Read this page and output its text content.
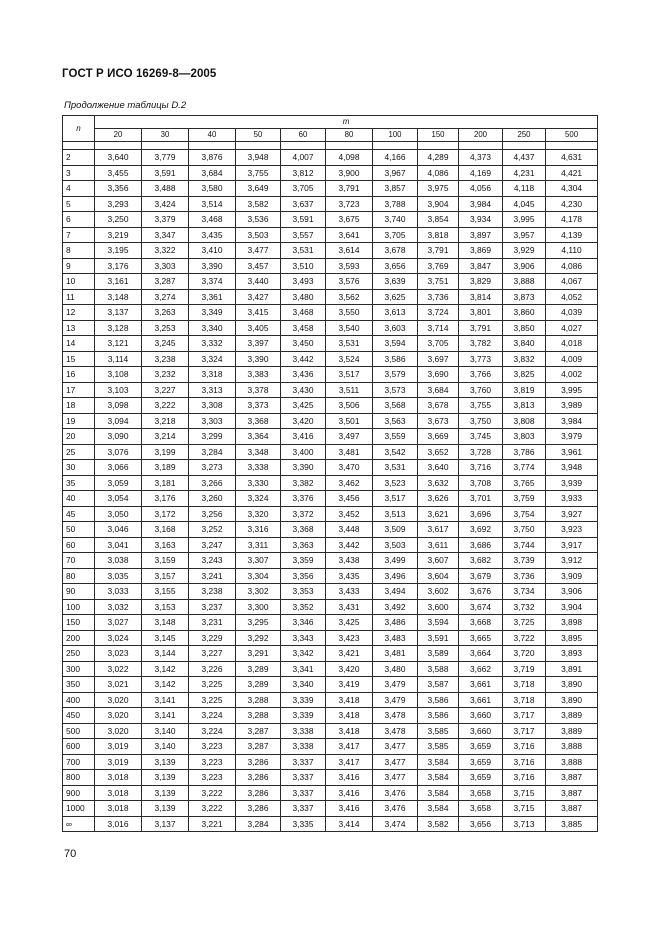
ГОСТ Р ИСО 16269-8—2005
Продолжение таблицы D.2
n	m										
	20	30	40	50	60	80	100	150	200	250	500

2	3,640	3,779	3,876	3,948	4,007	4,098	4,166	4,289	4,373	4,437	4,631
3	3,455	3,591	3,684	3,755	3,812	3,900	3,967	4,086	4,169	4,231	4,421
4	3,356	3,488	3,580	3,649	3,705	3,791	3,857	3,975	4,056	4,118	4,304
5	3,293	3,424	3,514	3,582	3,637	3,723	3,788	3,904	3,984	4,045	4,230
6	3,250	3,379	3,468	3,536	3,591	3,675	3,740	3,854	3,934	3,995	4,178
7	3,219	3,347	3,435	3,503	3,557	3,641	3,705	3,818	3,897	3,957	4,139
8	3,195	3,322	3,410	3,477	3,531	3,614	3,678	3,791	3,869	3,929	4,110
9	3,176	3,303	3,390	3,457	3,510	3,593	3,656	3,769	3,847	3,906	4,086
10	3,161	3,287	3,374	3,440	3,493	3,576	3,639	3,751	3,829	3,888	4,067
11	3,148	3,274	3,361	3,427	3,480	3,562	3,625	3,736	3,814	3,873	4,052
12	3,137	3,263	3,349	3,415	3,468	3,550	3,613	3,724	3,801	3,860	4,039
13	3,128	3,253	3,340	3,405	3,458	3,540	3,603	3,714	3,791	3,850	4,027
14	3,121	3,245	3,332	3,397	3,450	3,531	3,594	3,705	3,782	3,840	4,018
15	3,114	3,238	3,324	3,390	3,442	3,524	3,586	3,697	3,773	3,832	4,009
16	3,108	3,232	3,318	3,383	3,436	3,517	3,579	3,690	3,766	3,825	4,002
17	3,103	3,227	3,313	3,378	3,430	3,511	3,573	3,684	3,760	3,819	3,995
18	3,098	3,222	3,308	3,373	3,425	3,506	3,568	3,678	3,755	3,813	3,989
19	3,094	3,218	3,303	3,368	3,420	3,501	3,563	3,673	3,750	3,808	3,984
20	3,090	3,214	3,299	3,364	3,416	3,497	3,559	3,669	3,745	3,803	3,979
25	3,076	3,199	3,284	3,348	3,400	3,481	3,542	3,652	3,728	3,786	3,961
30	3,066	3,189	3,273	3,338	3,390	3,470	3,531	3,640	3,716	3,774	3,948
35	3,059	3,181	3,266	3,330	3,382	3,462	3,523	3,632	3,708	3,765	3,939
40	3,054	3,176	3,260	3,324	3,376	3,456	3,517	3,626	3,701	3,759	3,933
45	3,050	3,172	3,256	3,320	3,372	3,452	3,513	3,621	3,696	3,754	3,927
50	3,046	3,168	3,252	3,316	3,368	3,448	3,509	3,617	3,692	3,750	3,923
60	3,041	3,163	3,247	3,311	3,363	3,442	3,503	3,611	3,686	3,744	3,917
70	3,038	3,159	3,243	3,307	3,359	3,438	3,499	3,607	3,682	3,739	3,912
80	3,035	3,157	3,241	3,304	3,356	3,435	3,496	3,604	3,679	3,736	3,909
90	3,033	3,155	3,238	3,302	3,353	3,433	3,494	3,602	3,676	3,734	3,906
100	3,032	3,153	3,237	3,300	3,352	3,431	3,492	3,600	3,674	3,732	3,904
150	3,027	3,148	3,231	3,295	3,346	3,425	3,486	3,594	3,668	3,725	3,898
200	3,024	3,145	3,229	3,292	3,343	3,423	3,483	3,591	3,665	3,722	3,895
250	3,023	3,144	3,227	3,291	3,342	3,421	3,481	3,589	3,664	3,720	3,893
300	3,022	3,142	3,226	3,289	3,341	3,420	3,480	3,588	3,662	3,719	3,891
350	3,021	3,142	3,225	3,289	3,340	3,419	3,479	3,587	3,661	3,718	3,890
400	3,020	3,141	3,225	3,288	3,339	3,418	3,479	3,586	3,661	3,718	3,890
450	3,020	3,141	3,224	3,288	3,339	3,418	3,478	3,586	3,660	3,717	3,889
500	3,020	3,140	3,224	3,287	3,338	3,418	3,478	3,585	3,660	3,717	3,889
600	3,019	3,140	3,223	3,287	3,338	3,417	3,477	3,585	3,659	3,716	3,888
700	3,019	3,139	3,223	3,286	3,337	3,417	3,477	3,584	3,659	3,716	3,888
800	3,018	3,139	3,223	3,286	3,337	3,416	3,477	3,584	3,659	3,716	3,887
900	3,018	3,139	3,222	3,286	3,337	3,416	3,476	3,584	3,658	3,715	3,887
1000	3,018	3,139	3,222	3,286	3,337	3,416	3,476	3,584	3,658	3,715	3,887
∞	3,016	3,137	3,221	3,284	3,335	3,414	3,474	3,582	3,656	3,713	3,885
70
